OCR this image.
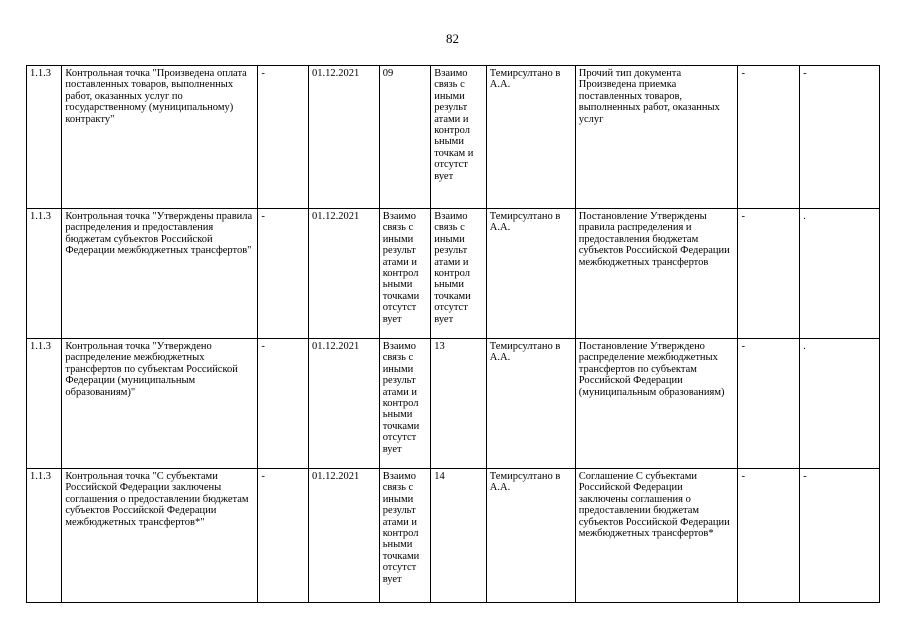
82
1.1.3	Контрольная точка "Произведена оплата поставленных товаров, выполненных работ, оказанных услуг по государственному (муниципальному) контракту"	-	01.12.2021	09	Взаимо связь с иными результ атами и контрол ьными точкам и отсутст вует	Темирсултано в А.А.	Прочий тип документа Произведена приемка поставленных товаров, выполненных работ, оказанных услуг	-	-
1.1.3	Контрольная точка "Утверждены правила распределения и предоставления бюджетам субъектов Российской Федерации межбюджетных трансфертов"	-	01.12.2021	Взаимо связь с иными результ атами и контрол ьными точками отсутст вует	Взаимо связь с иными результ атами и контрол ьными точками отсутст вует	Темирсултано в А.А.	Постановление Утверждены правила распределения и предоставления бюджетам субъектов Российской Федерации межбюджетных трансфертов	-	.
1.1.3	Контрольная точка "Утверждено распределение межбюджетных трансфертов по субъектам Российской Федерации (муниципальным образованиям)"	-	01.12.2021	Взаимо связь с иными результ атами и контрол ьными точками отсутст вует	13	Темирсултано в А.А.	Постановление Утверждено распределение межбюджетных трансфертов по субъектам Российской Федерации (муниципальным образованиям)	-	.
1.1.3	Контрольная точка "С субъектами Российской Федерации заключены соглашения о предоставлении бюджетам субъектов Российской Федерации межбюджетных трансфертов*"	-	01.12.2021	Взаимо связь с иными результ атами и контрол ьными точками отсутст вует	14	Темирсултано в А.А.	Соглашение С субъектами Российской Федерации заключены соглашения о предоставлении бюджетам субъектов Российской Федерации межбюджетных трансфертов*	-	-
